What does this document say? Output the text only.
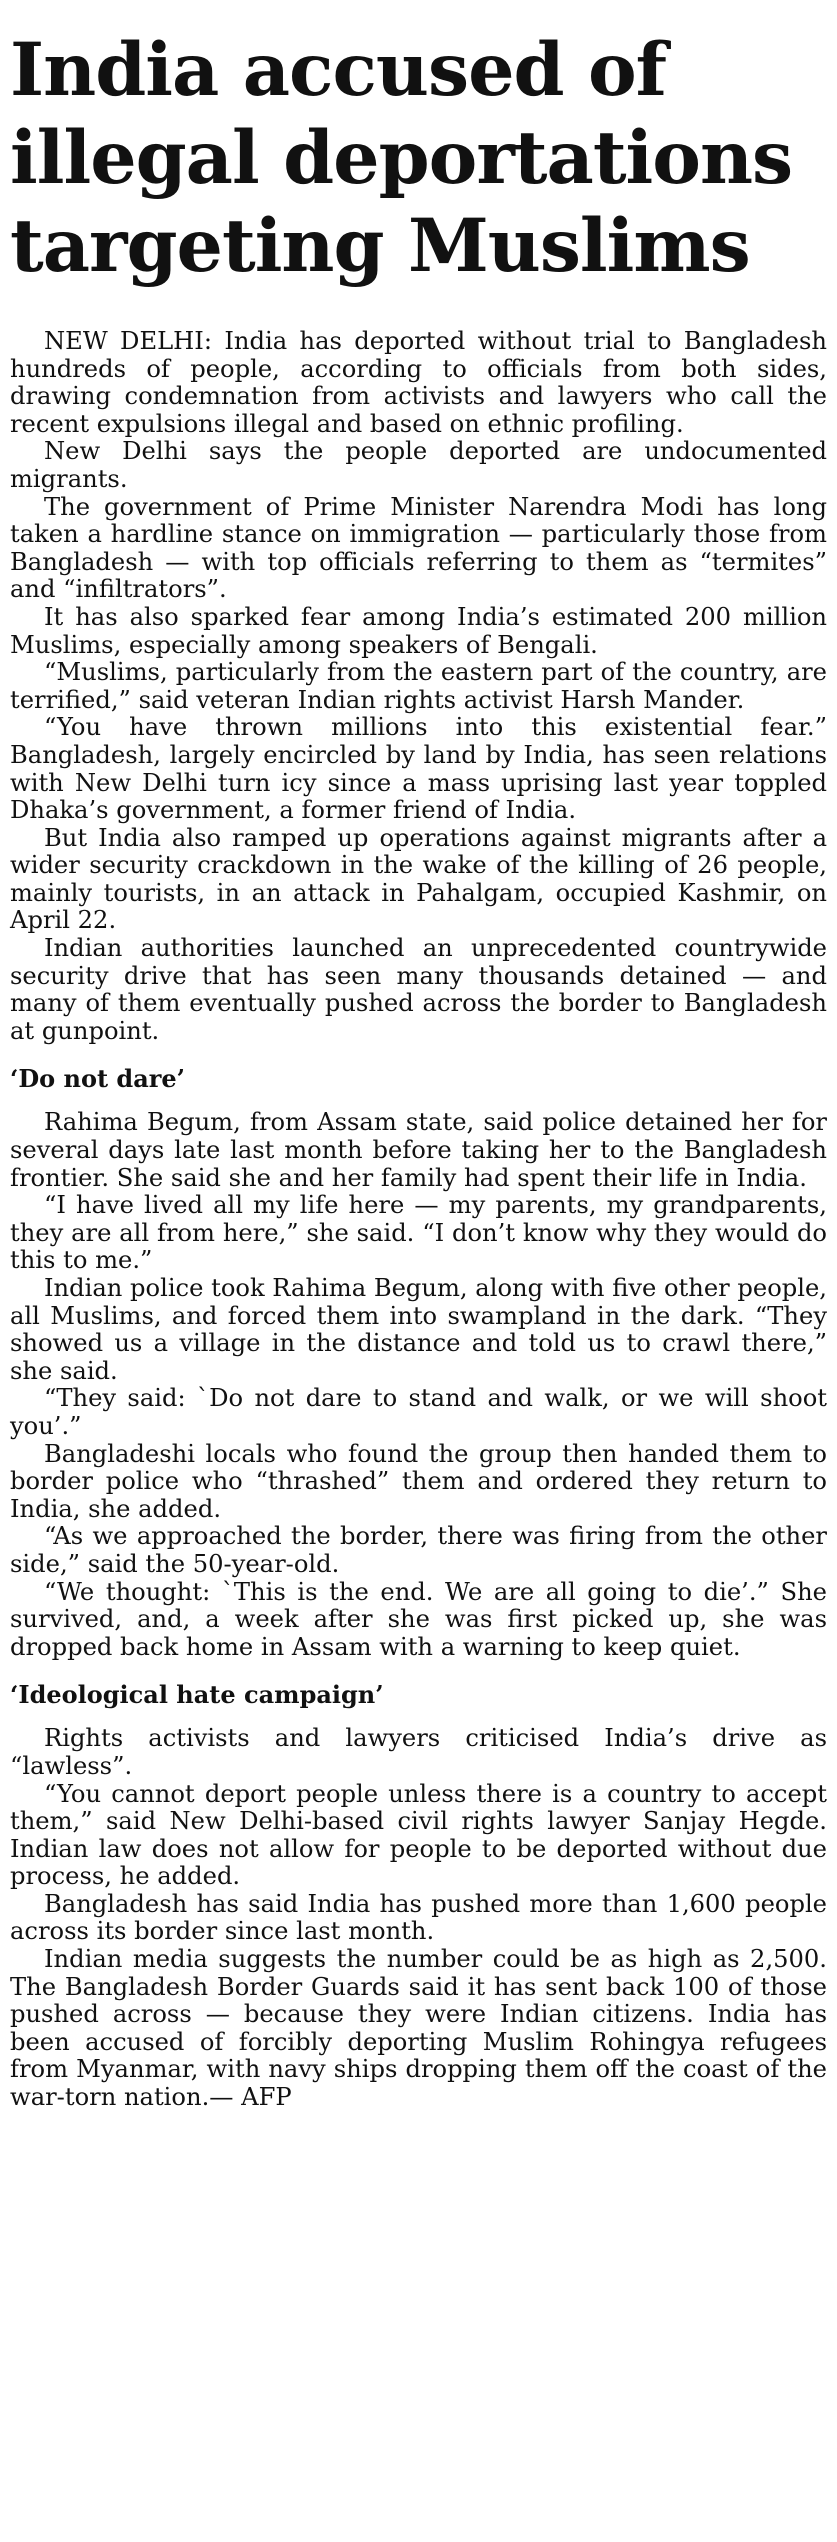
India accused of
illegal deportations
targeting Muslims

NEW DELHI: India has deported without trial to Bangladesh hundreds of people, according to officials from both sides, drawing condemnation from activists and lawyers who call the recent expulsions illegal and based on ethnic profiling.

New Delhi says the people deported are undocumented migrants.

The government of Prime Minister Narendra Modi has long taken a hardline stance on immigration — particularly those from Bangladesh — with top officials referring to them as “termites” and “infiltrators”.

It has also sparked fear among India’s estimated 200 million Muslims, especially among speakers of Bengali.

“Muslims, particularly from the eastern part of the country, are terrified,” said veteran Indian rights activist Harsh Mander.

“You have thrown millions into this existential fear.” Bangladesh, largely encircled by land by India, has seen relations with New Delhi turn icy since a mass uprising last year toppled Dhaka’s government, a former friend of India.

But India also ramped up operations against migrants after a wider security crackdown in the wake of the killing of 26 people, mainly tourists, in an attack in Pahalgam, occupied Kashmir, on April 22.

Indian authorities launched an unprecedented countrywide security drive that has seen many thousands detained — and many of them eventually pushed across the border to Bangladesh at gunpoint.

‘Do not dare’

Rahima Begum, from Assam state, said police detained her for several days late last month before taking her to the Bangladesh frontier. She said she and her family had spent their life in India.

“I have lived all my life here — my parents, my grandparents, they are all from here,” she said. “I don’t know why they would do this to me.”

Indian police took Rahima Begum, along with five other people, all Muslims, and forced them into swampland in the dark. “They showed us a village in the distance and told us to crawl there,” she said.

“They said: `Do not dare to stand and walk, or we will shoot you’.”

Bangladeshi locals who found the group then handed them to border police who “thrashed” them and ordered they return to India, she added.

“As we approached the border, there was firing from the other side,” said the 50-year-old.

“We thought: `This is the end. We are all going to die’.” She survived, and, a week after she was first picked up, she was dropped back home in Assam with a warning to keep quiet.

‘Ideological hate campaign’

Rights activists and lawyers criticised India’s drive as “lawless”.

“You cannot deport people unless there is a country to accept them,” said New Delhi-based civil rights lawyer Sanjay Hegde. Indian law does not allow for people to be deported without due process, he added.

Bangladesh has said India has pushed more than 1,600 people across its border since last month.

Indian media suggests the number could be as high as 2,500. The Bangladesh Border Guards said it has sent back 100 of those pushed across — because they were Indian citizens. India has been accused of forcibly deporting Muslim Rohingya refugees from Myanmar, with navy ships dropping them off the coast of the war-torn nation.— AFP
